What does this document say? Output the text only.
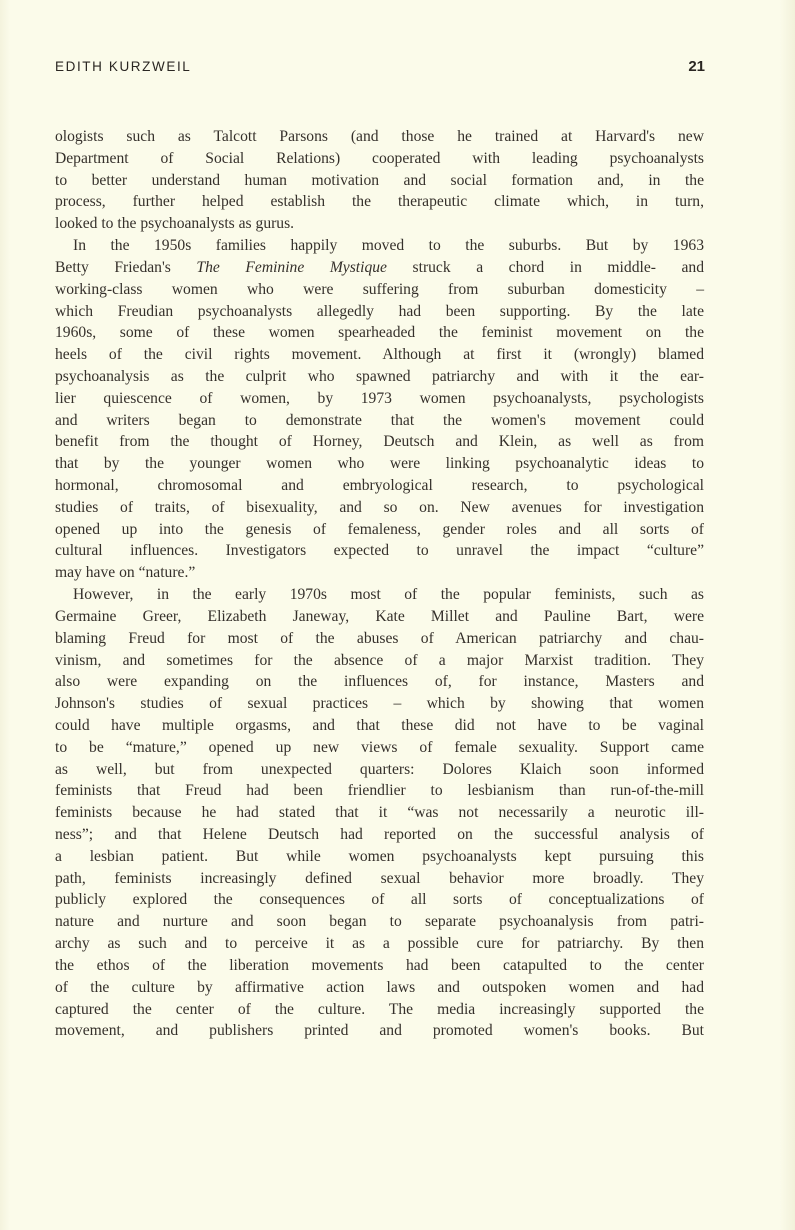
EDITH KURZWEIL	21
ologists such as Talcott Parsons (and those he trained at Harvard's new
Department of Social Relations) cooperated with leading psychoanalysts
to better understand human motivation and social formation and, in the
process, further helped establish the therapeutic climate which, in turn,
looked to the psychoanalysts as gurus.
In the 1950s families happily moved to the suburbs. But by 1963
Betty Friedan's The Feminine Mystique struck a chord in middle- and
working-class women who were suffering from suburban domesticity –
which Freudian psychoanalysts allegedly had been supporting. By the late
1960s, some of these women spearheaded the feminist movement on the
heels of the civil rights movement. Although at first it (wrongly) blamed
psychoanalysis as the culprit who spawned patriarchy and with it the ear-
lier quiescence of women, by 1973 women psychoanalysts, psychologists
and writers began to demonstrate that the women's movement could
benefit from the thought of Horney, Deutsch and Klein, as well as from
that by the younger women who were linking psychoanalytic ideas to
hormonal, chromosomal and embryological research, to psychological
studies of traits, of bisexuality, and so on. New avenues for investigation
opened up into the genesis of femaleness, gender roles and all sorts of
cultural influences. Investigators expected to unravel the impact “culture”
may have on “nature.”
However, in the early 1970s most of the popular feminists, such as
Germaine Greer, Elizabeth Janeway, Kate Millet and Pauline Bart, were
blaming Freud for most of the abuses of American patriarchy and chau-
vinism, and sometimes for the absence of a major Marxist tradition. They
also were expanding on the influences of, for instance, Masters and
Johnson's studies of sexual practices – which by showing that women
could have multiple orgasms, and that these did not have to be vaginal
to be “mature,” opened up new views of female sexuality. Support came
as well, but from unexpected quarters: Dolores Klaich soon informed
feminists that Freud had been friendlier to lesbianism than run-of-the-mill
feminists because he had stated that it “was not necessarily a neurotic ill-
ness”; and that Helene Deutsch had reported on the successful analysis of
a lesbian patient. But while women psychoanalysts kept pursuing this
path, feminists increasingly defined sexual behavior more broadly. They
publicly explored the consequences of all sorts of conceptualizations of
nature and nurture and soon began to separate psychoanalysis from patri-
archy as such and to perceive it as a possible cure for patriarchy. By then
the ethos of the liberation movements had been catapulted to the center
of the culture by affirmative action laws and outspoken women and had
captured the center of the culture. The media increasingly supported the
movement, and publishers printed and promoted women's books. But
